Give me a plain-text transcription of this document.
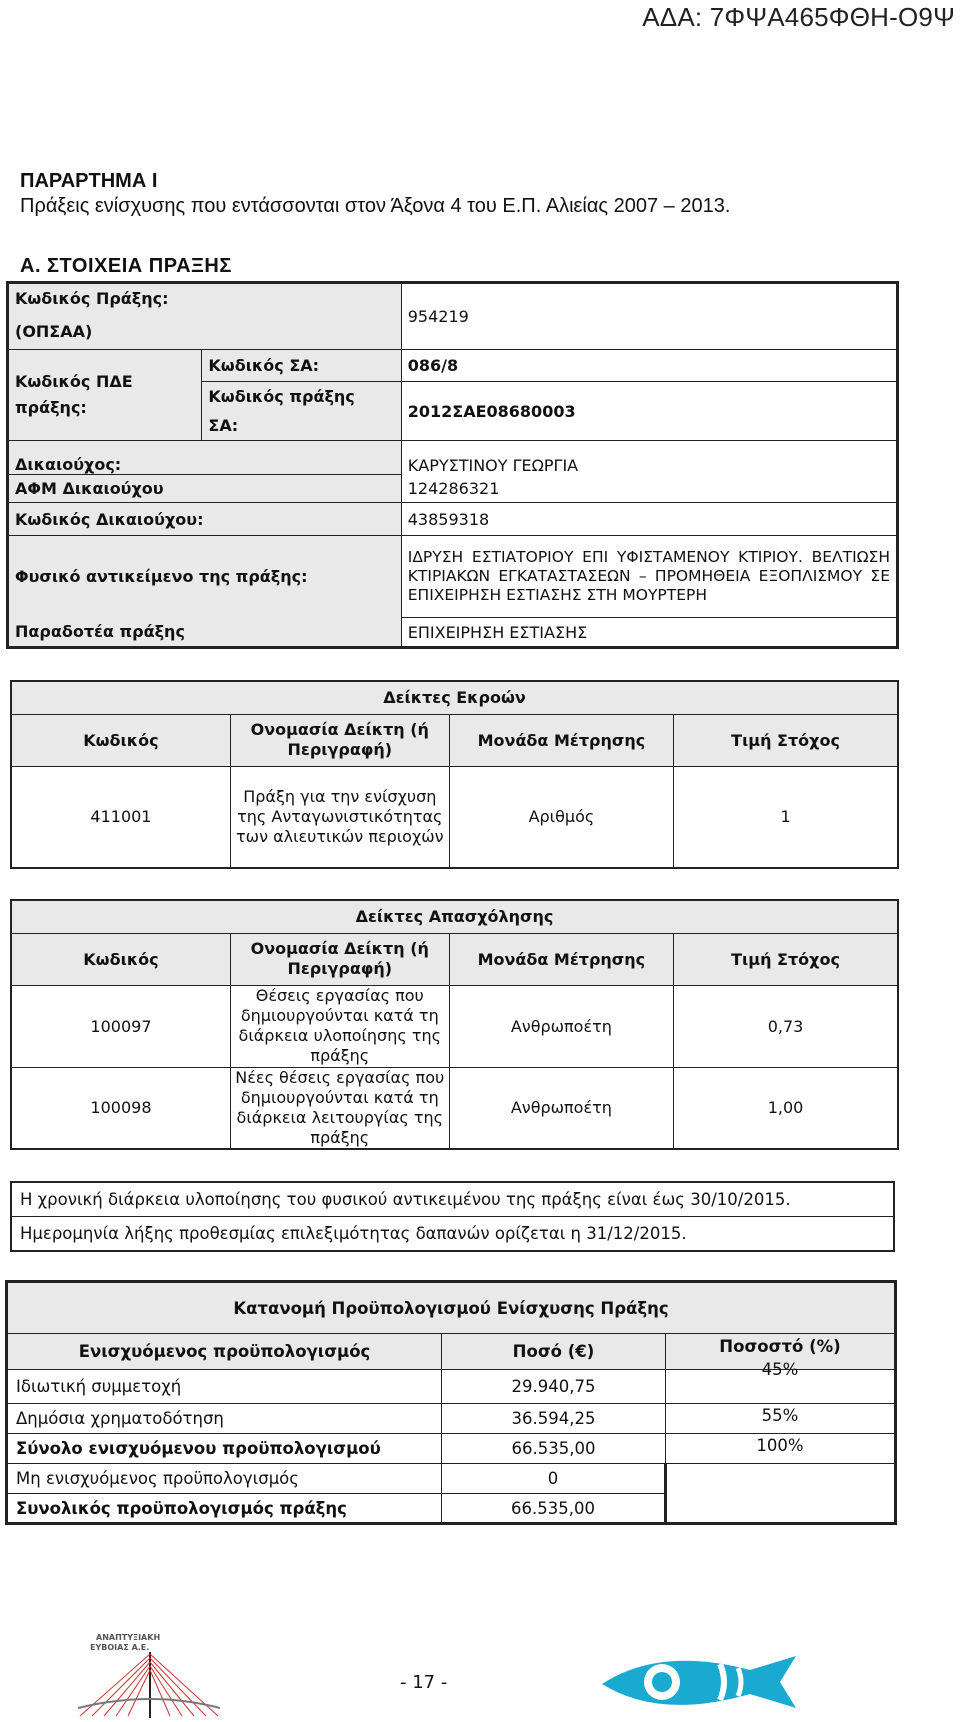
ΑΔΑ: 7ΦΨΑ465ΦΘΗ-Ο9Ψ
ΠΑΡΑΡΤΗΜΑ Ι
Πράξεις ενίσχυσης που εντάσσονται στον Άξονα 4 του Ε.Π. Αλιείας 2007 – 2013.
Α. ΣΤΟΙΧΕΙΑ ΠΡΑΞΗΣ
Κωδικός Πράξης:		954219
(ΟΠΣΑΑ)		
Κωδικός ΠΔΕ
πράξης:	Κωδικός ΣΑ:	086/8
	Κωδικός πράξης
ΣΑ:	2012ΣΑΕ08680003
Δικαιούχος:		ΚΑΡΥΣΤΙΝΟΥ ΓΕΩΡΓΙΑ
ΑΦΜ Δικαιούχου		124286321
Κωδικός Δικαιούχου:		43859318
Φυσικό αντικείμενο της πράξης:		ΙΔΡΥΣΗ ΕΣΤΙΑΤΟΡΙΟΥ ΕΠΙ ΥΦΙΣΤΑΜΕΝΟΥ ΚΤΙΡΙΟΥ. ΒΕΛΤΙΩΣΗ ΚΤΙΡΙΑΚΩΝ ΕΓΚΑΤΑΣΤΑΣΕΩΝ – ΠΡΟΜΗΘΕΙΑ ΕΞΟΠΛΙΣΜΟΥ ΣΕ ΕΠΙΧΕΙΡΗΣΗ ΕΣΤΙΑΣΗΣ ΣΤΗ ΜΟΥΡΤΕΡΗ
Παραδοτέα πράξης		ΕΠΙΧΕΙΡΗΣΗ ΕΣΤΙΑΣΗΣ
Δείκτες Εκροών			
Κωδικός	Ονομασία Δείκτη (ή Περιγραφή)	Μονάδα Μέτρησης	Τιμή Στόχος
411001	Πράξη για την ενίσχυση της Ανταγωνιστικότητας των αλιευτικών περιοχών	Αριθμός	1
Δείκτες Απασχόλησης			
Κωδικός	Ονομασία Δείκτη (ή Περιγραφή)	Μονάδα Μέτρησης	Τιμή Στόχος
100097	Θέσεις εργασίας που δημιουργούνται κατά τη διάρκεια υλοποίησης της πράξης	Ανθρωποέτη	0,73
100098	Νέες θέσεις εργασίας που δημιουργούνται κατά τη διάρκεια λειτουργίας της πράξης	Ανθρωποέτη	1,00
Η χρονική διάρκεια υλοποίησης του φυσικού αντικειμένου της πράξης είναι έως 30/10/2015.
Ημερομηνία λήξης προθεσμίας επιλεξιμότητας δαπανών ορίζεται η 31/12/2015.
Κατανομή Προϋπολογισμού Ενίσχυσης Πράξης		
Ενισχυόμενος προϋπολογισμός	Ποσό (€)	Ποσοστό (%)
Ιδιωτική συμμετοχή	29.940,75	45%
Δημόσια χρηματοδότηση	36.594,25	55%
Σύνολο ενισχυόμενου προϋπολογισμού	66.535,00	100%
Μη ενισχυόμενος προϋπολογισμός	0	
Συνολικός προϋπολογισμός πράξης	66.535,00	
ΑΝΑΠΤΥΞΙΑΚΗ
ΕΥΒΟΙΑΣ Α.Ε.
- 17 -
